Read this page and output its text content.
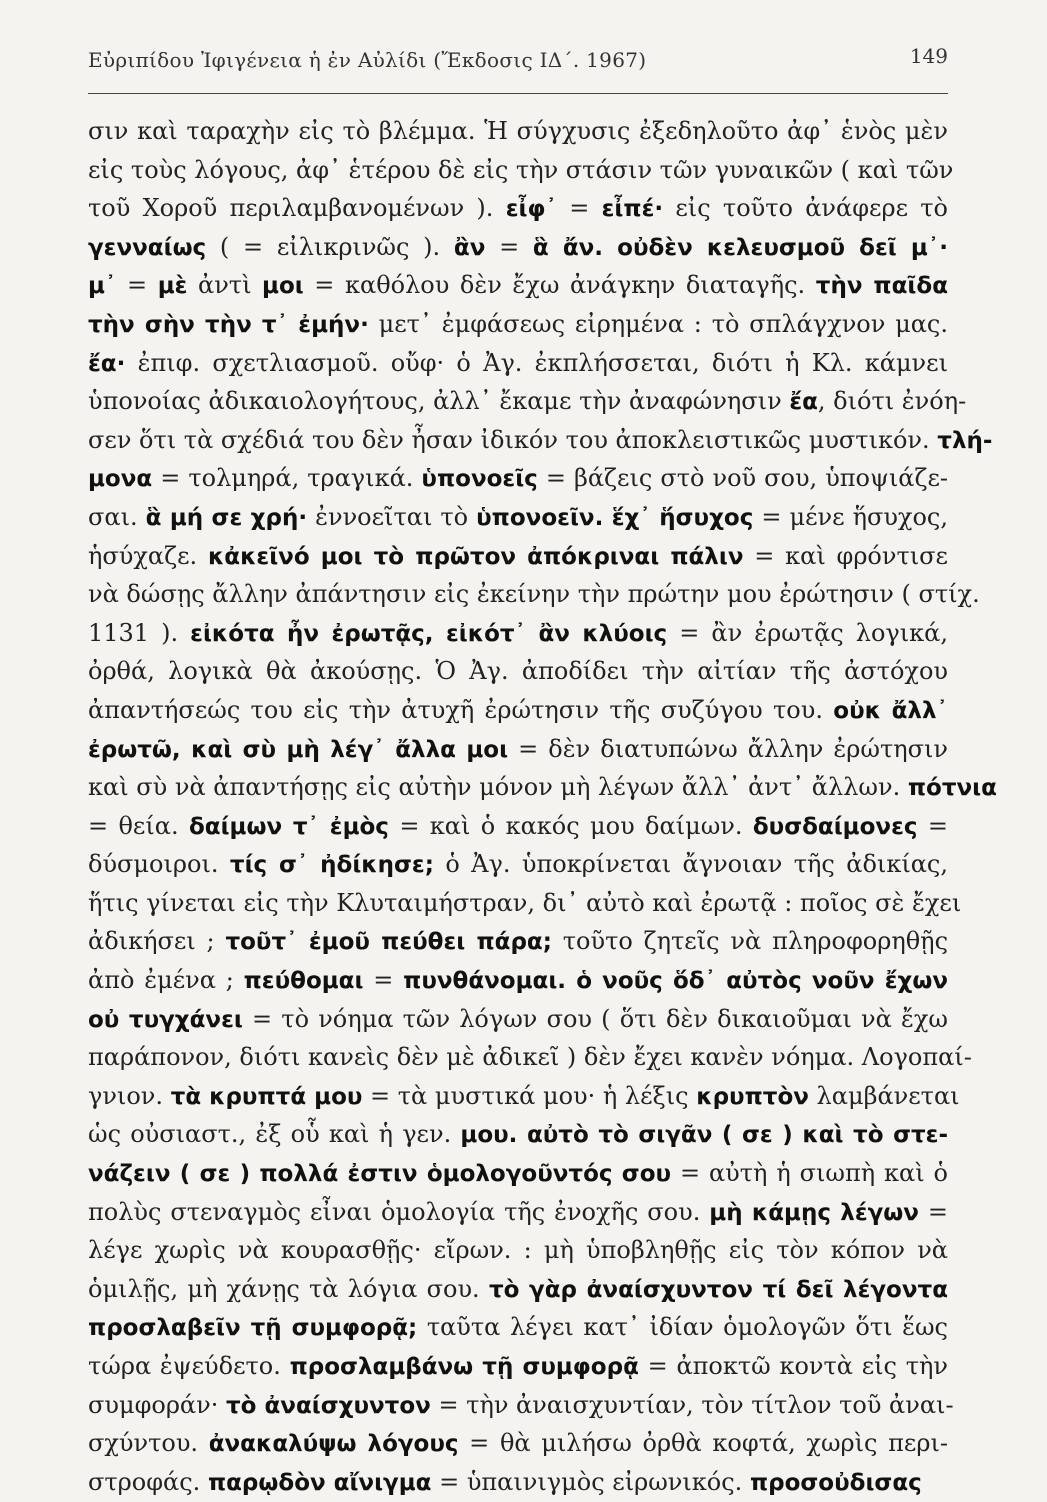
Εὐριπίδου Ἰφιγένεια ἡ ἐν Αὐλίδι (Ἔκδοσις ΙΔ΄. 1967)	149
σιν καὶ ταραχὴν εἰς τὸ βλέμμα. Ἡ σύγχυσις ἐξεδηλοῦτο ἀφ᾽ ἑνὸς μὲν
εἰς τοὺς λόγους, ἀφ᾽ ἑτέρου δὲ εἰς τὴν στάσιν τῶν γυναικῶν ( καὶ τῶν
τοῦ Χοροῦ περιλαμβανομένων ). εἶφ᾽ = εἶπέ· εἰς τοῦτο ἀνάφερε τὸ
γενναίως ( = εἰλικρινῶς ). ἂν = ἃ ἄν. οὐδὲν κελευσμοῦ δεῖ μ᾽·
μ᾽ = μὲ ἀντὶ μοι = καθόλου δὲν ἔχω ἀνάγκην διαταγῆς. τὴν παῖδα
τὴν σὴν τὴν τ᾽ ἐμήν· μετ᾽ ἐμφάσεως εἰρημένα : τὸ σπλάγχνον μας.
ἔα· ἐπιφ. σχετλιασμοῦ. οὔφ· ὁ Ἀγ. ἐκπλήσσεται, διότι ἡ Κλ. κάμνει
ὑπονοίας ἀδικαιολογήτους, ἀλλ᾽ ἔκαμε τὴν ἀναφώνησιν ἔα, διότι ἐνόη-
σεν ὅτι τὰ σχέδιά του δὲν ἦσαν ἰδικόν του ἀποκλειστικῶς μυστικόν. τλή-
μονα = τολμηρά, τραγικά. ὑπονοεῖς = βάζεις στὸ νοῦ σου, ὑποψιάζε-
σαι. ἃ μή σε χρή· ἐννοεῖται τὸ ὑπονοεῖν. ἕχ᾽ ἥσυχος = μένε ἥσυχος,
ἡσύχαζε. κἀκεῖνό μοι τὸ πρῶτον ἀπόκριναι πάλιν = καὶ φρόντισε
νὰ δώσῃς ἄλλην ἀπάντησιν εἰς ἐκείνην τὴν πρώτην μου ἐρώτησιν ( στίχ.
1131 ). εἰκότα ἦν ἐρωτᾷς, εἰκότ᾽ ἂν κλύοις = ἂν ἐρωτᾷς λογικά,
ὀρθά, λογικὰ θὰ ἀκούσῃς. Ὁ Ἀγ. ἀποδίδει τὴν αἰτίαν τῆς ἀστόχου
ἀπαντήσεώς του εἰς τὴν ἀτυχῆ ἐρώτησιν τῆς συζύγου του. οὐκ ἄλλ᾽
ἐρωτῶ, καὶ σὺ μὴ λέγ᾽ ἄλλα μοι = δὲν διατυπώνω ἄλλην ἐρώτησιν
καὶ σὺ νὰ ἀπαντήσῃς εἰς αὐτὴν μόνον μὴ λέγων ἄλλ᾽ ἀντ᾽ ἄλλων. πότνια
= θεία. δαίμων τ᾽ ἐμὸς = καὶ ὁ κακός μου δαίμων. δυσδαίμονες =
δύσμοιροι. τίς σ᾽ ἠδίκησε; ὁ Ἀγ. ὑποκρίνεται ἄγνοιαν τῆς ἀδικίας,
ἥτις γίνεται εἰς τὴν Κλυταιμήστραν, δι᾽ αὐτὸ καὶ ἐρωτᾷ : ποῖος σὲ ἔχει
ἀδικήσει ; τοῦτ᾽ ἐμοῦ πεύθει πάρα; τοῦτο ζητεῖς νὰ πληροφορηθῇς
ἀπὸ ἐμένα ; πεύθομαι = πυνθάνομαι. ὁ νοῦς ὅδ᾽ αὐτὸς νοῦν ἔχων
οὐ τυγχάνει = τὸ νόημα τῶν λόγων σου ( ὅτι δὲν δικαιοῦμαι νὰ ἔχω
παράπονον, διότι κανεὶς δὲν μὲ ἀδικεῖ ) δὲν ἔχει κανὲν νόημα. Λογοπαί-
γνιον. τὰ κρυπτά μου = τὰ μυστικά μου· ἡ λέξις κρυπτὸν λαμβάνεται
ὡς οὐσιαστ., ἐξ οὗ καὶ ἡ γεν. μου. αὐτὸ τὸ σιγᾶν ( σε ) καὶ τὸ στε-
νάζειν ( σε ) πολλά ἐστιν ὁμολογοῦντός σου = αὐτὴ ἡ σιωπὴ καὶ ὁ
πολὺς στεναγμὸς εἶναι ὁμολογία τῆς ἐνοχῆς σου. μὴ κάμῃς λέγων =
λέγε χωρὶς νὰ κουρασθῇς· εἴρων. : μὴ ὑποβληθῇς εἰς τὸν κόπον νὰ
ὁμιλῇς, μὴ χάνῃς τὰ λόγια σου. τὸ γὰρ ἀναίσχυντον τί δεῖ λέγοντα
προσλαβεῖν τῇ συμφορᾷ; ταῦτα λέγει κατ᾽ ἰδίαν ὁμολογῶν ὅτι ἕως
τώρα ἐψεύδετο. προσλαμβάνω τῇ συμφορᾷ = ἀποκτῶ κοντὰ εἰς τὴν
συμφοράν· τὸ ἀναίσχυντον = τὴν ἀναισχυντίαν, τὸν τίτλον τοῦ ἀναι-
σχύντου. ἀνακαλύψω λόγους = θὰ μιλήσω ὀρθὰ κοφτά, χωρὶς περι-
στροφάς. παρῳδὸν αἴνιγμα = ὑπαινιγμὸς εἰρωνικός. προσοὐδισας
